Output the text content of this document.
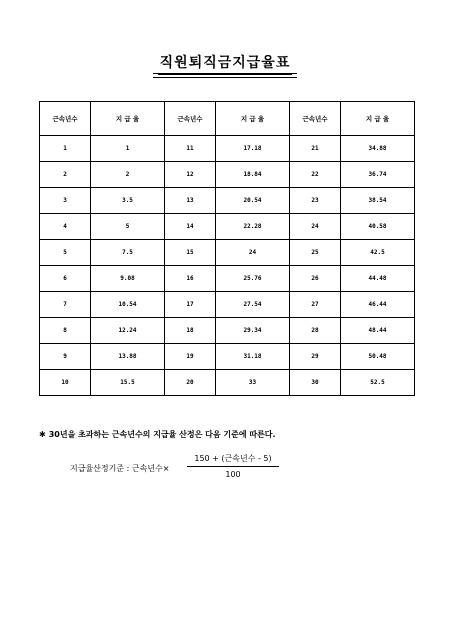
직원퇴직금지급율표
근속년수	지 급 율	근속년수	지 급 율	근속년수	지 급 율
1	1	11	17.18	21	34.88
2	2	12	18.84	22	36.74
3	3.5	13	20.54	23	38.54
4	5	14	22.28	24	40.58
5	7.5	15	24	25	42.5
6	9.08	16	25.76	26	44.48
7	10.54	17	27.54	27	46.44
8	12.24	18	29.34	28	48.44
9	13.88	19	31.18	29	50.48
10	15.5	20	33	30	52.5
✱ 30년을 초과하는 근속년수의 지급율 산정은 다음 기준에 따른다.
지급율산정기준 : 근속년수×
150 + (근속년수 - 5)
100
